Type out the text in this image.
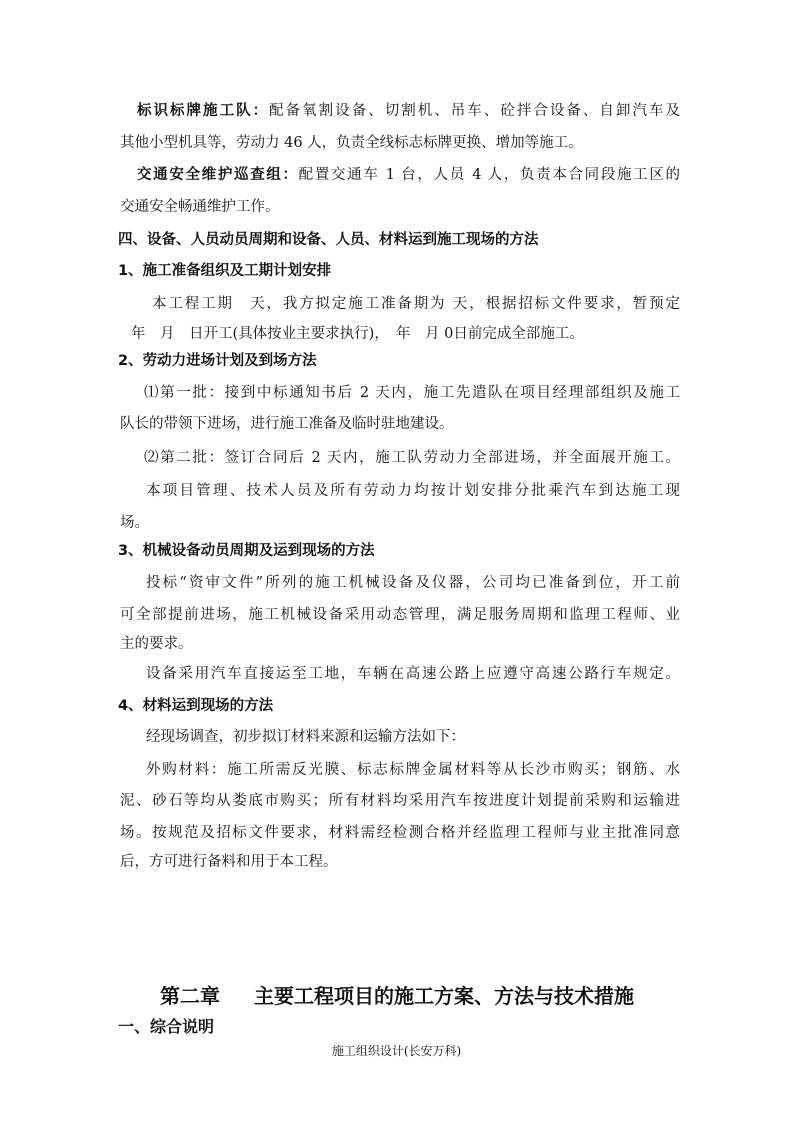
标识标牌施工队：配备氧割设备、切割机、吊车、砼拌合设备、自卸汽车及
其他小型机具等，劳动力 46 人，负责全线标志标牌更换、增加等施工。
交通安全维护巡查组：配置交通车 1 台，人员 4 人，负责本合同段施工区的
交通安全畅通维护工作。
四、设备、人员动员周期和设备、人员、材料运到施工现场的方法
1、施工准备组织及工期计划安排
本工程工期　天，我方拟定施工准备期为 天，根据招标文件要求，暂预定
年　月　日开工(具体按业主要求执行)，　年　月 0日前完成全部施工。
2、劳动力进场计划及到场方法
⑴第一批：接到中标通知书后 2 天内，施工先遣队在项目经理部组织及施工
队长的带领下进场，进行施工准备及临时驻地建设。
⑵第二批：签订合同后 2 天内，施工队劳动力全部进场，并全面展开施工。
本项目管理、技术人员及所有劳动力均按计划安排分批乘汽车到达施工现
场。
3、机械设备动员周期及运到现场的方法
投标“资审文件”所列的施工机械设备及仪器，公司均已准备到位，开工前
可全部提前进场，施工机械设备采用动态管理，满足服务周期和监理工程师、业
主的要求。
设备采用汽车直接运至工地，车辆在高速公路上应遵守高速公路行车规定。
4、材料运到现场的方法
经现场调查，初步拟订材料来源和运输方法如下：
外购材料：施工所需反光膜、标志标牌金属材料等从长沙市购买；钢筋、水
泥、砂石等均从娄底市购买；所有材料均采用汽车按进度计划提前采购和运输进
场。按规范及招标文件要求，材料需经检测合格并经监理工程师与业主批准同意
后，方可进行备料和用于本工程。
第二章 主要工程项目的施工方案、方法与技术措施
一、综合说明
施工组织设计(长安万科)
